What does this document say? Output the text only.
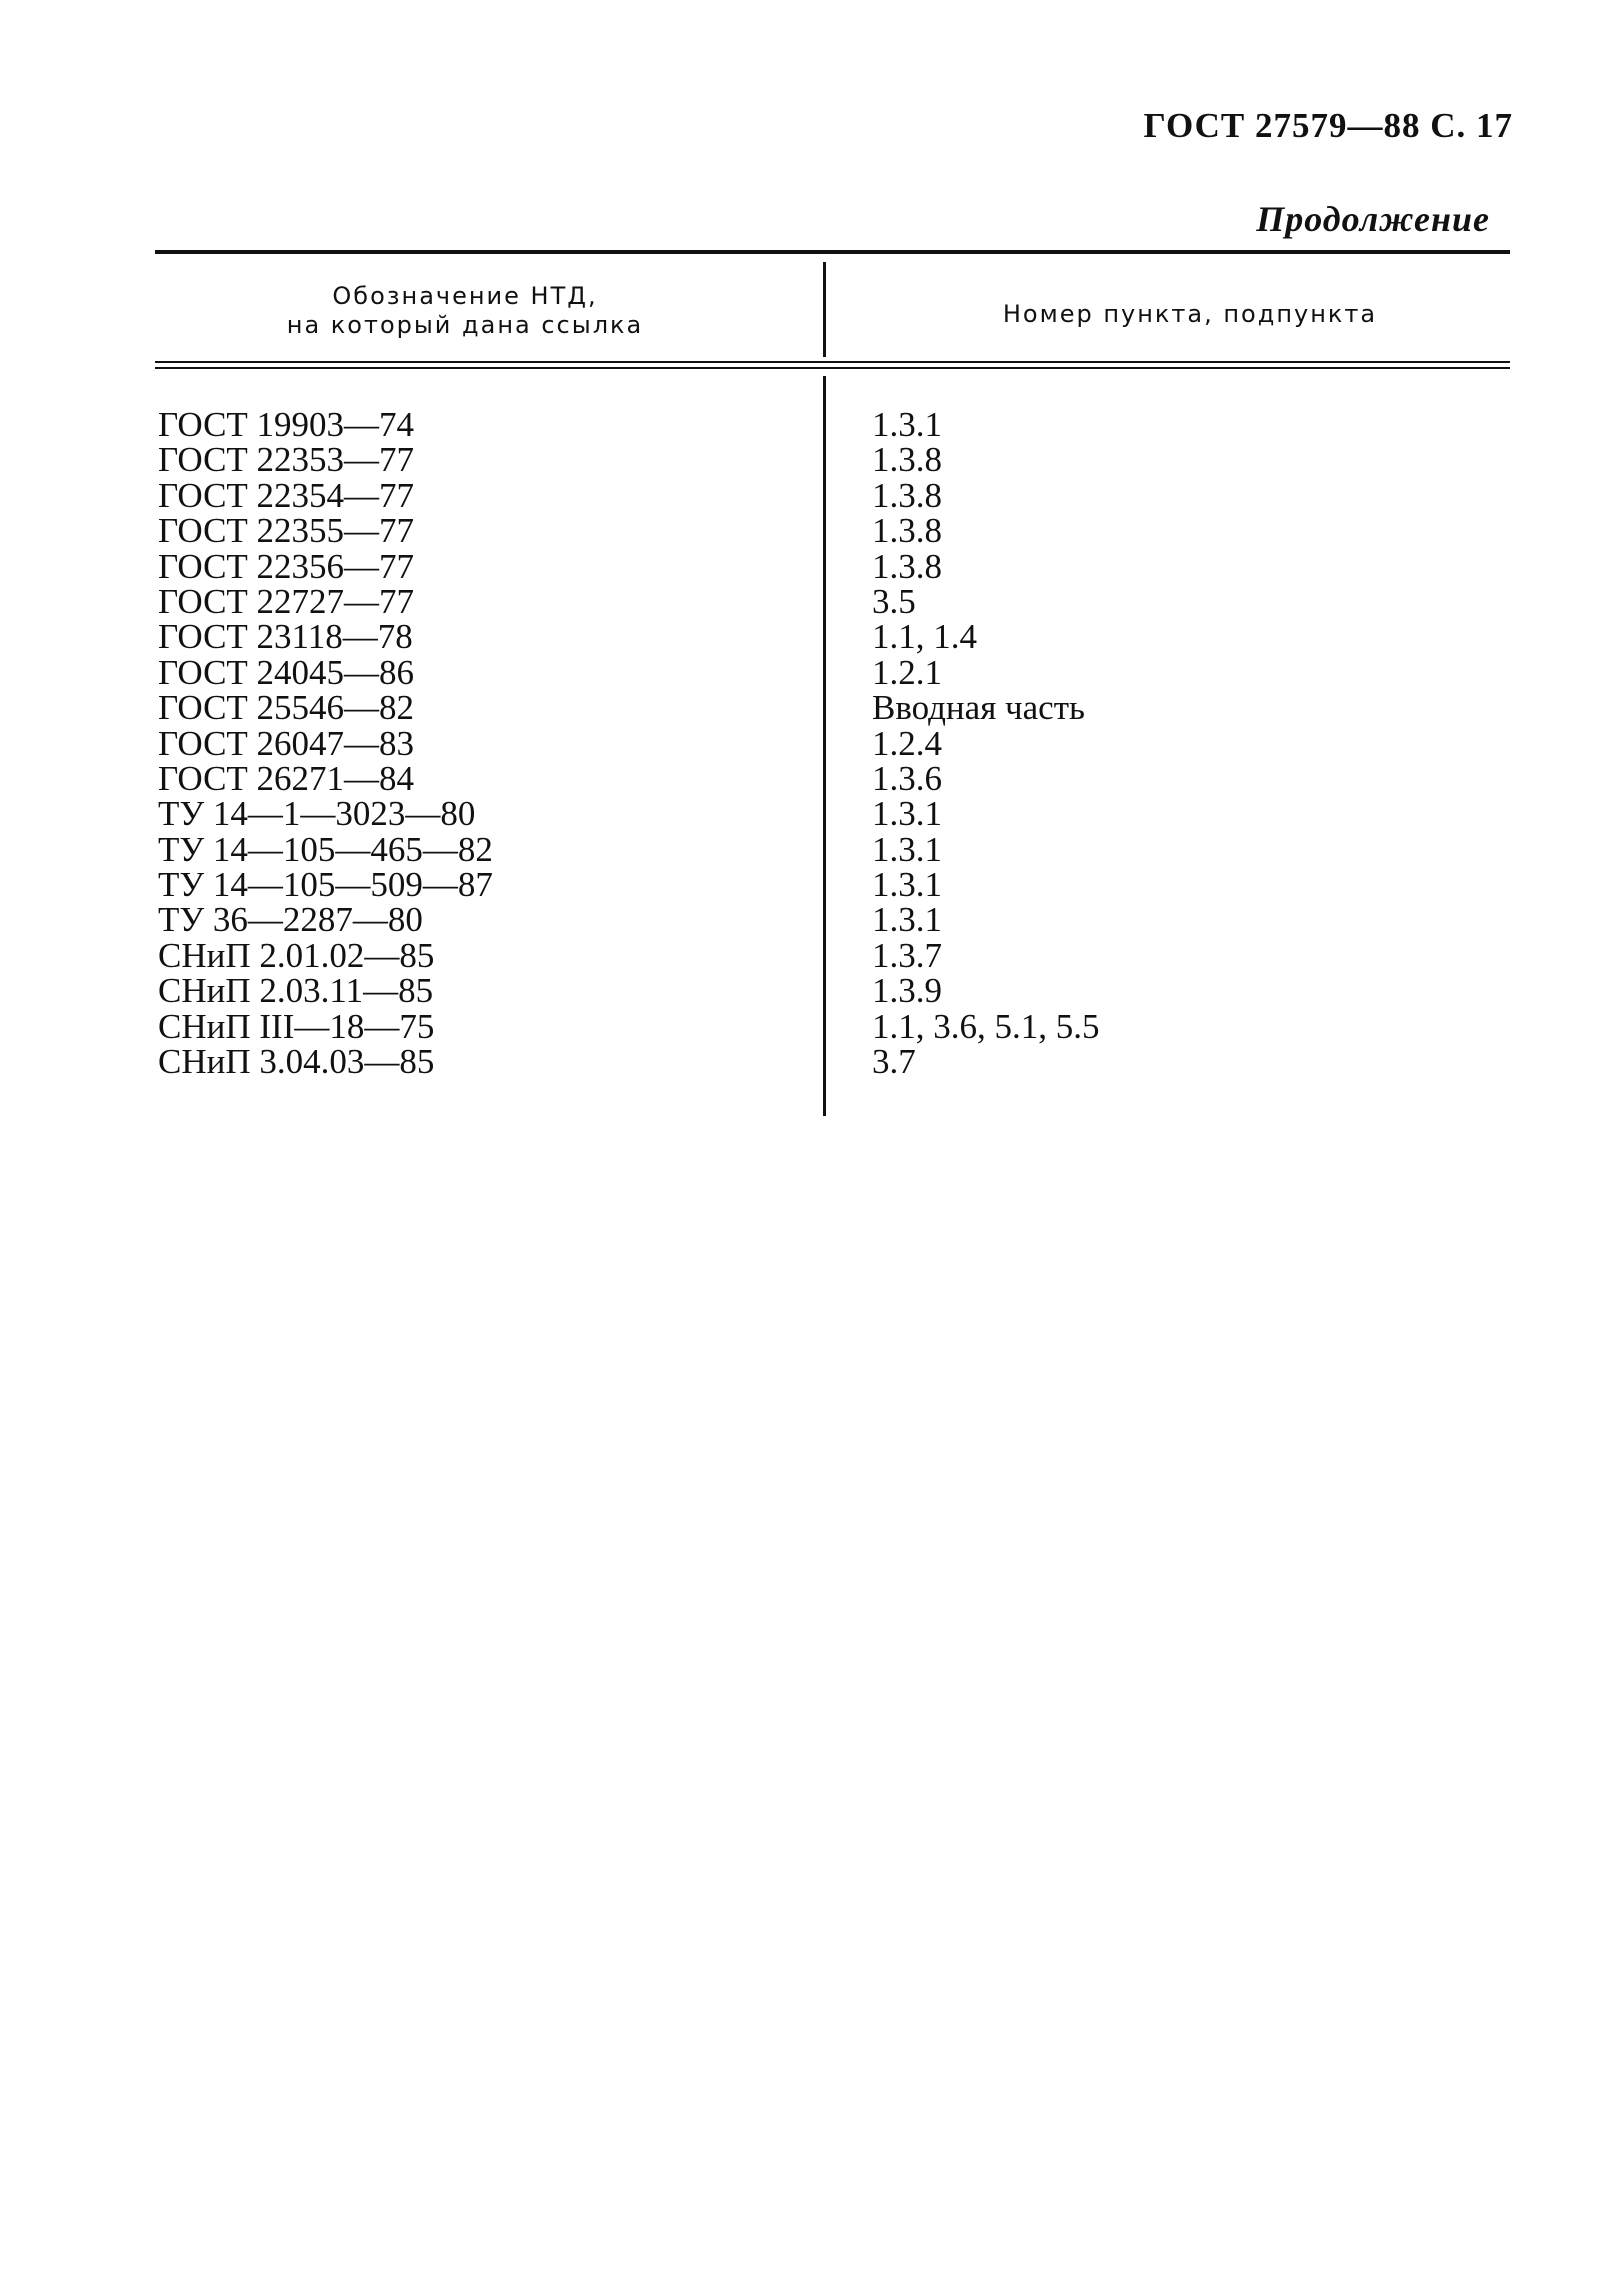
ГОСТ 27579—88 С. 17
Продолжение
Обозначение НТД,
на который дана ссылка	Номер пункта, подпункта
ГОСТ 19903—74
ГОСТ 22353—77
ГОСТ 22354—77
ГОСТ 22355—77
ГОСТ 22356—77
ГОСТ 22727—77
ГОСТ 23118—78
ГОСТ 24045—86
ГОСТ 25546—82
ГОСТ 26047—83
ГОСТ 26271—84
ТУ 14—1—3023—80
ТУ 14—105—465—82
ТУ 14—105—509—87
ТУ 36—2287—80
СНиП 2.01.02—85
СНиП 2.03.11—85
СНиП III—18—75
СНиП 3.04.03—85
1.3.1
1.3.8
1.3.8
1.3.8
1.3.8
3.5
1.1, 1.4
1.2.1
Вводная часть
1.2.4
1.3.6
1.3.1
1.3.1
1.3.1
1.3.1
1.3.7
1.3.9
1.1, 3.6, 5.1, 5.5
3.7
